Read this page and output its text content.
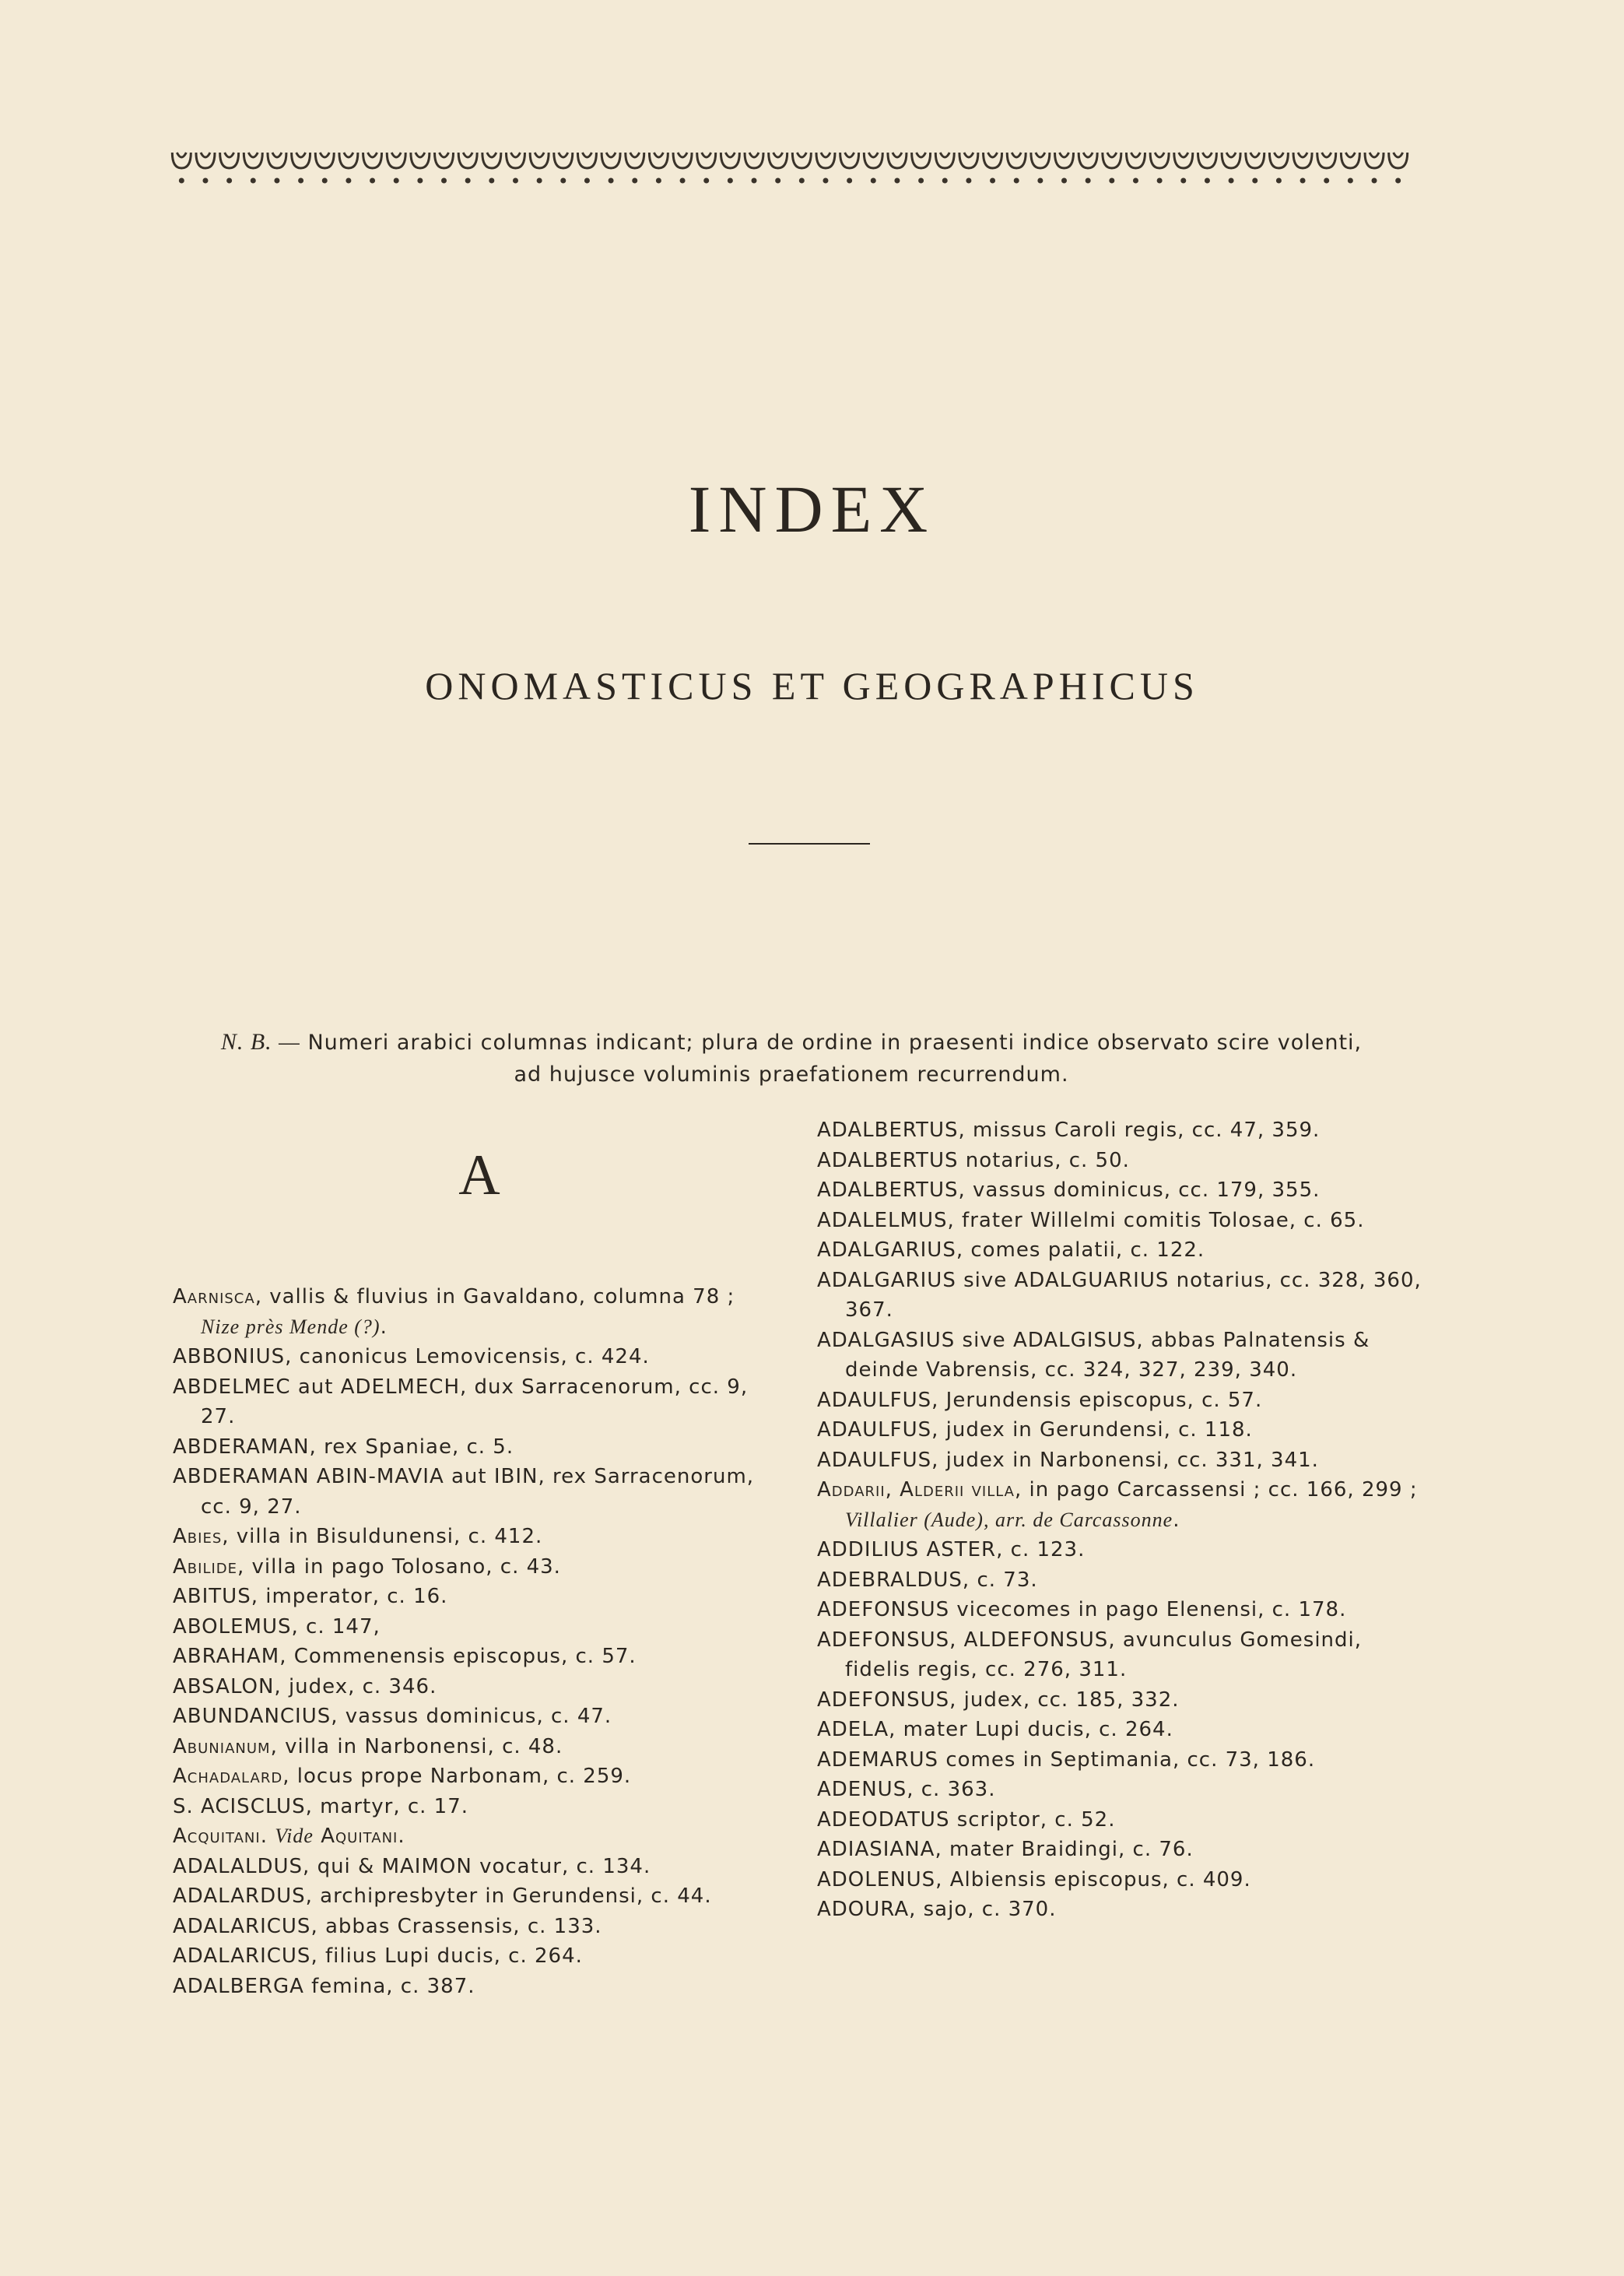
INDEX
ONOMASTICUS ET GEOGRAPHICUS
N. B. — Numeri arabici columnas indicant; plura de ordine in praesenti indice observato scire volenti, ad hujusce voluminis praefationem recurrendum.
A

Aarnisca, vallis & fluvius in Gavaldano, columna 78 ; Nize près Mende (?).

ABBONIUS, canonicus Lemovicensis, c. 424.

ABDELMEC aut ADELMECH, dux Sarracenorum, cc. 9, 27.

ABDERAMAN, rex Spaniae, c. 5.

ABDERAMAN ABIN-MAVIA aut IBIN, rex Sarracenorum, cc. 9, 27.

Abies, villa in Bisuldunensi, c. 412.

Abilide, villa in pago Tolosano, c. 43.

ABITUS, imperator, c. 16.

ABOLEMUS, c. 147,

ABRAHAM, Commenensis episcopus, c. 57.

ABSALON, judex, c. 346.

ABUNDANCIUS, vassus dominicus, c. 47.

Abunianum, villa in Narbonensi, c. 48.

Achadalard, locus prope Narbonam, c. 259.

S. ACISCLUS, martyr, c. 17.

Acquitani. Vide Aquitani.

ADALALDUS, qui & MAIMON vocatur, c. 134.

ADALARDUS, archipresbyter in Gerundensi, c. 44.

ADALARICUS, abbas Crassensis, c. 133.

ADALARICUS, filius Lupi ducis, c. 264.

ADALBERGA femina, c. 387.

ADALBERTUS, missus Caroli regis, cc. 47, 359.

ADALBERTUS notarius, c. 50.

ADALBERTUS, vassus dominicus, cc. 179, 355.

ADALELMUS, frater Willelmi comitis Tolosae, c. 65.

ADALGARIUS, comes palatii, c. 122.

ADALGARIUS sive ADALGUARIUS notarius, cc. 328, 360, 367.

ADALGASIUS sive ADALGISUS, abbas Palnatensis & deinde Vabrensis, cc. 324, 327, 239, 340.

ADAULFUS, Jerundensis episcopus, c. 57.

ADAULFUS, judex in Gerundensi, c. 118.

ADAULFUS, judex in Narbonensi, cc. 331, 341.

Addarii, Alderii villa, in pago Carcassensi ; cc. 166, 299 ; Villalier (Aude), arr. de Carcassonne.

ADDILIUS ASTER, c. 123.

ADEBRALDUS, c. 73.

ADEFONSUS vicecomes in pago Elenensi, c. 178.

ADEFONSUS, ALDEFONSUS, avunculus Gomesindi, fidelis regis, cc. 276, 311.

ADEFONSUS, judex, cc. 185, 332.

ADELA, mater Lupi ducis, c. 264.

ADEMARUS comes in Septimania, cc. 73, 186.

ADENUS, c. 363.

ADEODATUS scriptor, c. 52.

ADIASIANA, mater Braidingi, c. 76.

ADOLENUS, Albiensis episcopus, c. 409.

ADOURA, sajo, c. 370.
